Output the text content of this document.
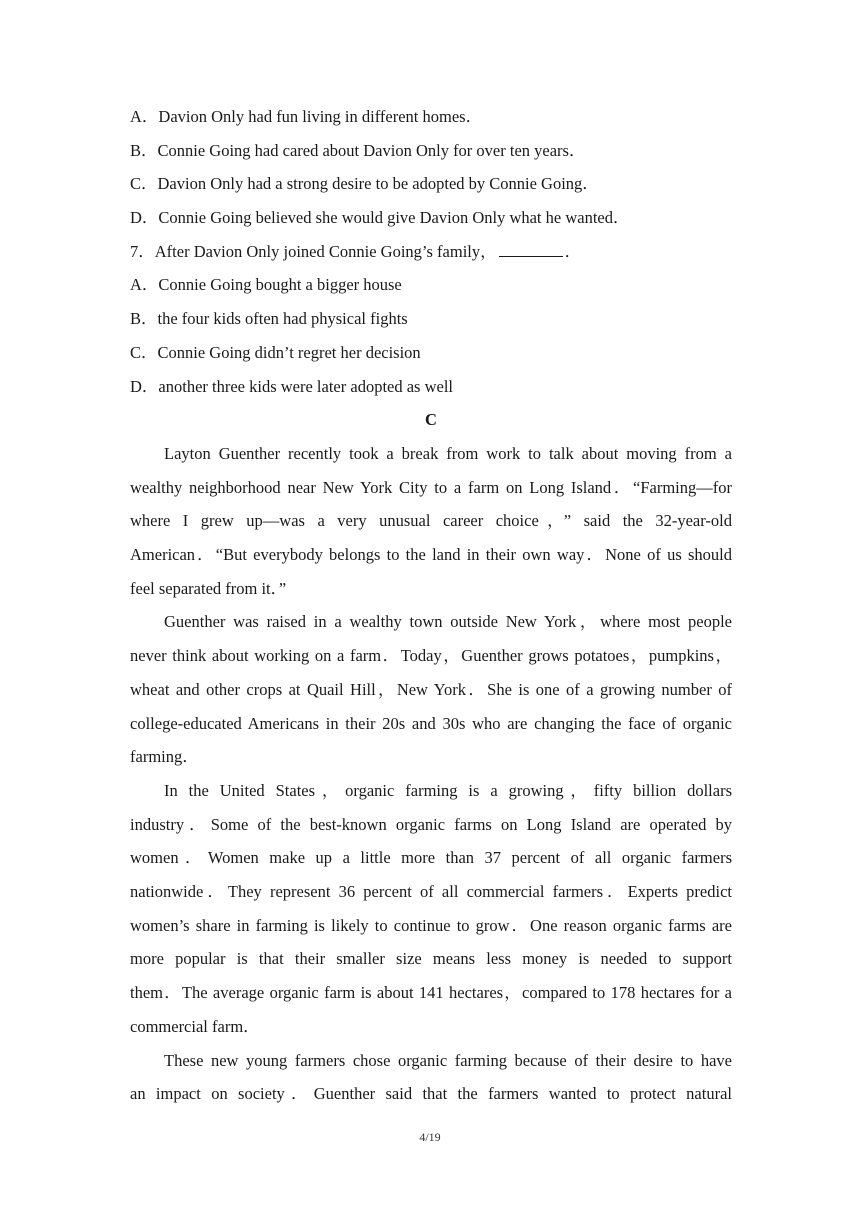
A．Davion Only had fun living in different homes．
B．Connie Going had cared about Davion Only for over ten years．
C．Davion Only had a strong desire to be adopted by Connie Going．
D．Connie Going believed she would give Davion Only what he wanted．
7．After Davion Only joined Connie Going’s family，	．
A．Connie Going bought a bigger house
B．the four kids often had physical fights
C．Connie Going didn’t regret her decision
D．another three kids were later adopted as well
C
Layton Guenther recently took a break from work to talk about moving from a
wealthy neighborhood near New York City to a farm on Long Island．“Farming—for
where I grew up—was a very unusual career choice，” said the 32-year-old
American．“But everybody belongs to the land in their own way．None of us should
feel separated from it．”
Guenther was raised in a wealthy town outside New York，where most people
never think about working on a farm．Today，Guenther grows potatoes，pumpkins，
wheat and other crops at Quail Hill，New York．She is one of a growing number of
college-educated Americans in their 20s and 30s who are changing the face of organic
farming．
In the United States，organic farming is a growing，fifty billion dollars
industry．Some of the best-known organic farms on Long Island are operated by
women．Women make up a little more than 37 percent of all organic farmers
nationwide．They represent 36 percent of all commercial farmers．Experts predict
women’s share in farming is likely to continue to grow．One reason organic farms are
more popular is that their smaller size means less money is needed to support
them．The average organic farm is about 141 hectares，compared to 178 hectares for a
commercial farm．
These new young farmers chose organic farming because of their desire to have
an impact on society．Guenther said that the farmers wanted to protect natural
4/19
